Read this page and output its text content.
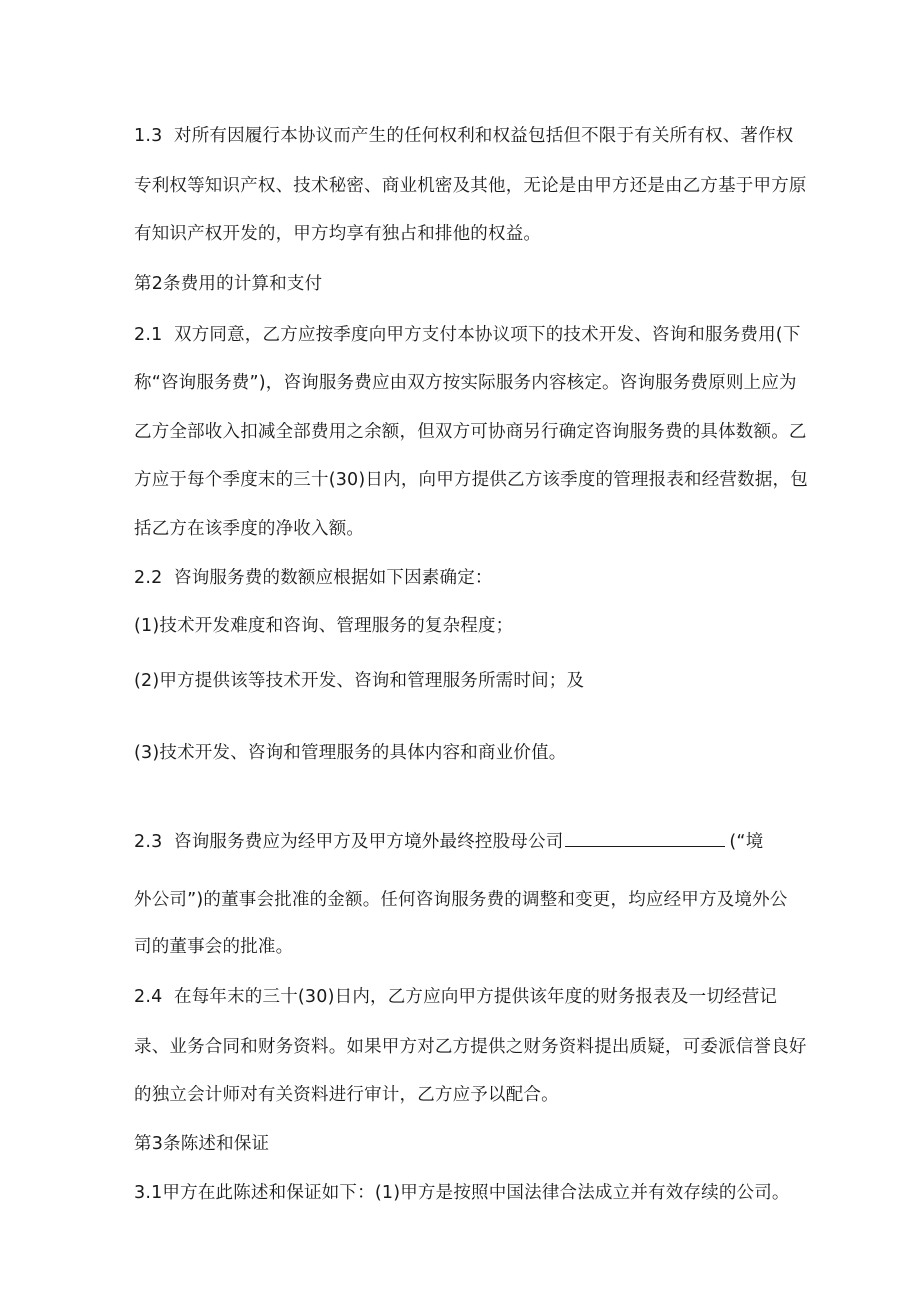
1.3 对所有因履行本协议而产生的任何权利和权益包括但不限于有关所有权、著作权
专利权等知识产权、技术秘密、商业机密及其他，无论是由甲方还是由乙方基于甲方原
有知识产权开发的，甲方均享有独占和排他的权益。
第2条费用的计算和支付
2.1 双方同意，乙方应按季度向甲方支付本协议项下的技术开发、咨询和服务费用(下
称“咨询服务费”)，咨询服务费应由双方按实际服务内容核定。咨询服务费原则上应为
乙方全部收入扣减全部费用之余额，但双方可协商另行确定咨询服务费的具体数额。乙
方应于每个季度末的三十(30)日内，向甲方提供乙方该季度的管理报表和经营数据，包
括乙方在该季度的净收入额。
2.2 咨询服务费的数额应根据如下因素确定：
(1)技术开发难度和咨询、管理服务的复杂程度；
(2)甲方提供该等技术开发、咨询和管理服务所需时间；及
(3)技术开发、咨询和管理服务的具体内容和商业价值。
2.3 咨询服务费应为经甲方及甲方境外最终控股母公司	(“境
外公司”)的董事会批准的金额。任何咨询服务费的调整和变更，均应经甲方及境外公
司的董事会的批准。
2.4 在每年末的三十(30)日内，乙方应向甲方提供该年度的财务报表及一切经营记
录、业务合同和财务资料。如果甲方对乙方提供之财务资料提出质疑，可委派信誉良好
的独立会计师对有关资料进行审计，乙方应予以配合。
第3条陈述和保证
3.1甲方在此陈述和保证如下：(1)甲方是按照中国法律合法成立并有效存续的公司。
